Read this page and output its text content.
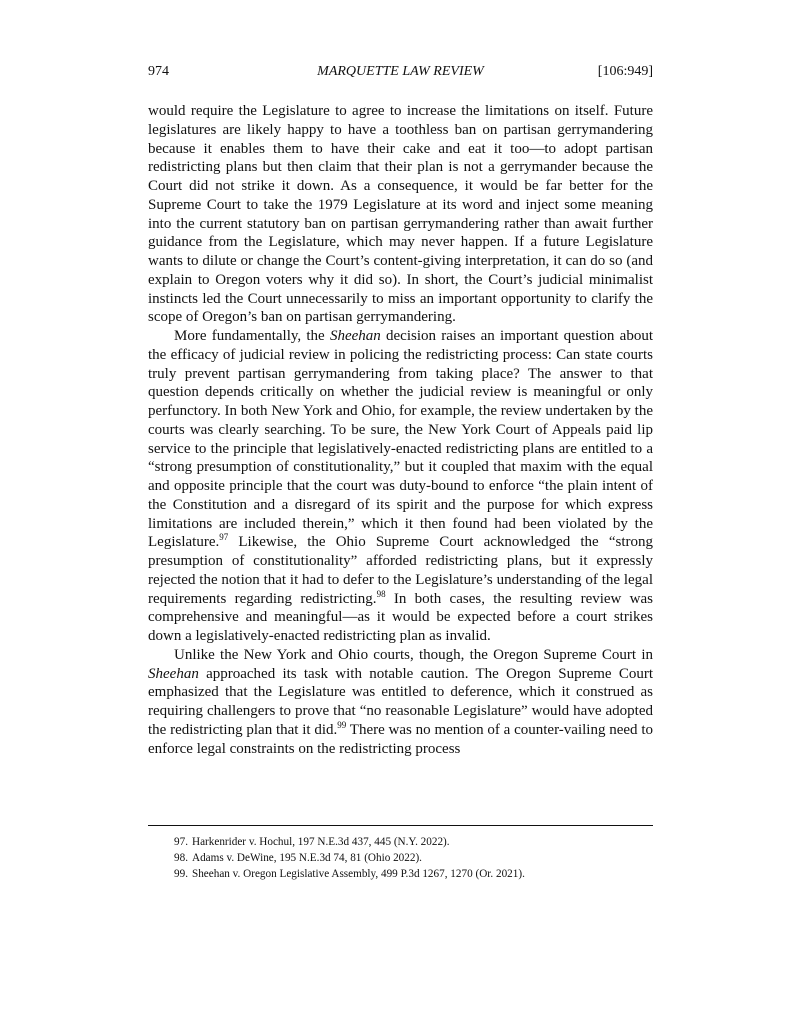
974	MARQUETTE LAW REVIEW	[106:949]

would require the Legislature to agree to increase the limitations on itself. Future legislatures are likely happy to have a toothless ban on partisan gerrymandering because it enables them to have their cake and eat it too—to adopt partisan redistricting plans but then claim that their plan is not a gerrymander because the Court did not strike it down. As a consequence, it would be far better for the Supreme Court to take the 1979 Legislature at its word and inject some meaning into the current statutory ban on partisan gerrymandering rather than await further guidance from the Legislature, which may never happen. If a future Legislature wants to dilute or change the Court’s content-giving interpretation, it can do so (and explain to Oregon voters why it did so). In short, the Court’s judicial minimalist instincts led the Court unnecessarily to miss an important opportunity to clarify the scope of Oregon’s ban on partisan gerrymandering.

More fundamentally, the Sheehan decision raises an important question about the efficacy of judicial review in policing the redistricting process: Can state courts truly prevent partisan gerrymandering from taking place? The answer to that question depends critically on whether the judicial review is meaningful or only perfunctory. In both New York and Ohio, for example, the review undertaken by the courts was clearly searching. To be sure, the New York Court of Appeals paid lip service to the principle that legislatively-enacted redistricting plans are entitled to a “strong presumption of constitutionality,” but it coupled that maxim with the equal and opposite principle that the court was duty-bound to enforce “the plain intent of the Constitution and a disregard of its spirit and the purpose for which express limitations are included therein,” which it then found had been violated by the Legislature.$^{97}$ Likewise, the Ohio Supreme Court acknowledged the “strong presumption of constitutionality” afforded redistricting plans, but it expressly rejected the notion that it had to defer to the Legislature’s understanding of the legal requirements regarding redistricting.$^{98}$ In both cases, the resulting review was comprehensive and meaningful—as it would be expected before a court strikes down a legislatively-enacted redistricting plan as invalid.

Unlike the New York and Ohio courts, though, the Oregon Supreme Court in Sheehan approached its task with notable caution. The Oregon Supreme Court emphasized that the Legislature was entitled to deference, which it construed as requiring challengers to prove that “no reasonable Legislature” would have adopted the redistricting plan that it did.$^{99}$ There was no mention of a counter-vailing need to enforce legal constraints on the redistricting process

97. Harkenrider v. Hochul, 197 N.E.3d 437, 445 (N.Y. 2022).
98. Adams v. DeWine, 195 N.E.3d 74, 81 (Ohio 2022).
99. Sheehan v. Oregon Legislative Assembly, 499 P.3d 1267, 1270 (Or. 2021).
